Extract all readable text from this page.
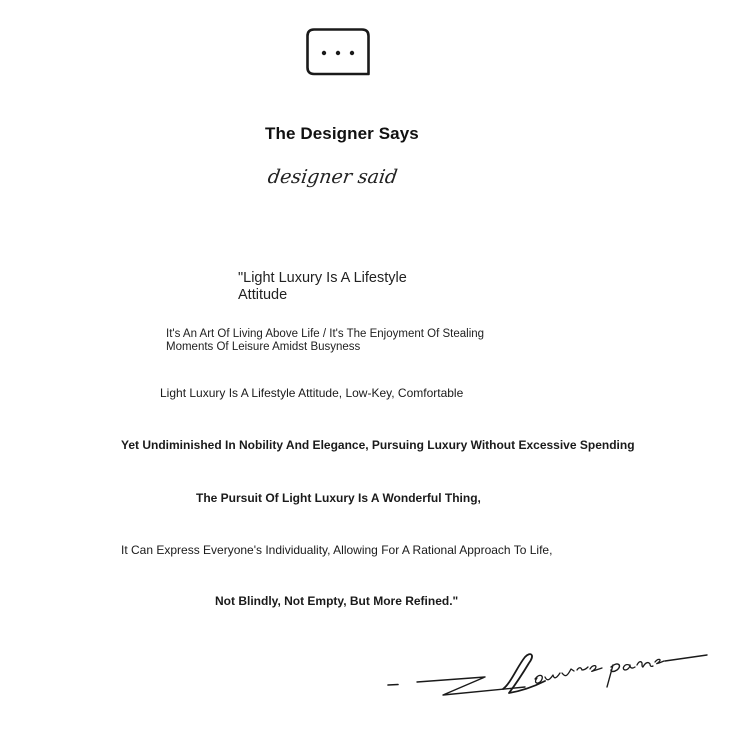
The Designer Says
designer said
"Light Luxury Is A Lifestyle Attitude
It's An Art Of Living Above Life / It's The Enjoyment Of Stealing Moments Of Leisure Amidst Busyness
Light Luxury Is A Lifestyle Attitude, Low-Key, Comfortable
Yet Undiminished In Nobility And Elegance, Pursuing Luxury Without Excessive Spending
The Pursuit Of Light Luxury Is A Wonderful Thing,
It Can Express Everyone's Individuality, Allowing For A Rational Approach To Life,
Not Blindly, Not Empty, But More Refined."
